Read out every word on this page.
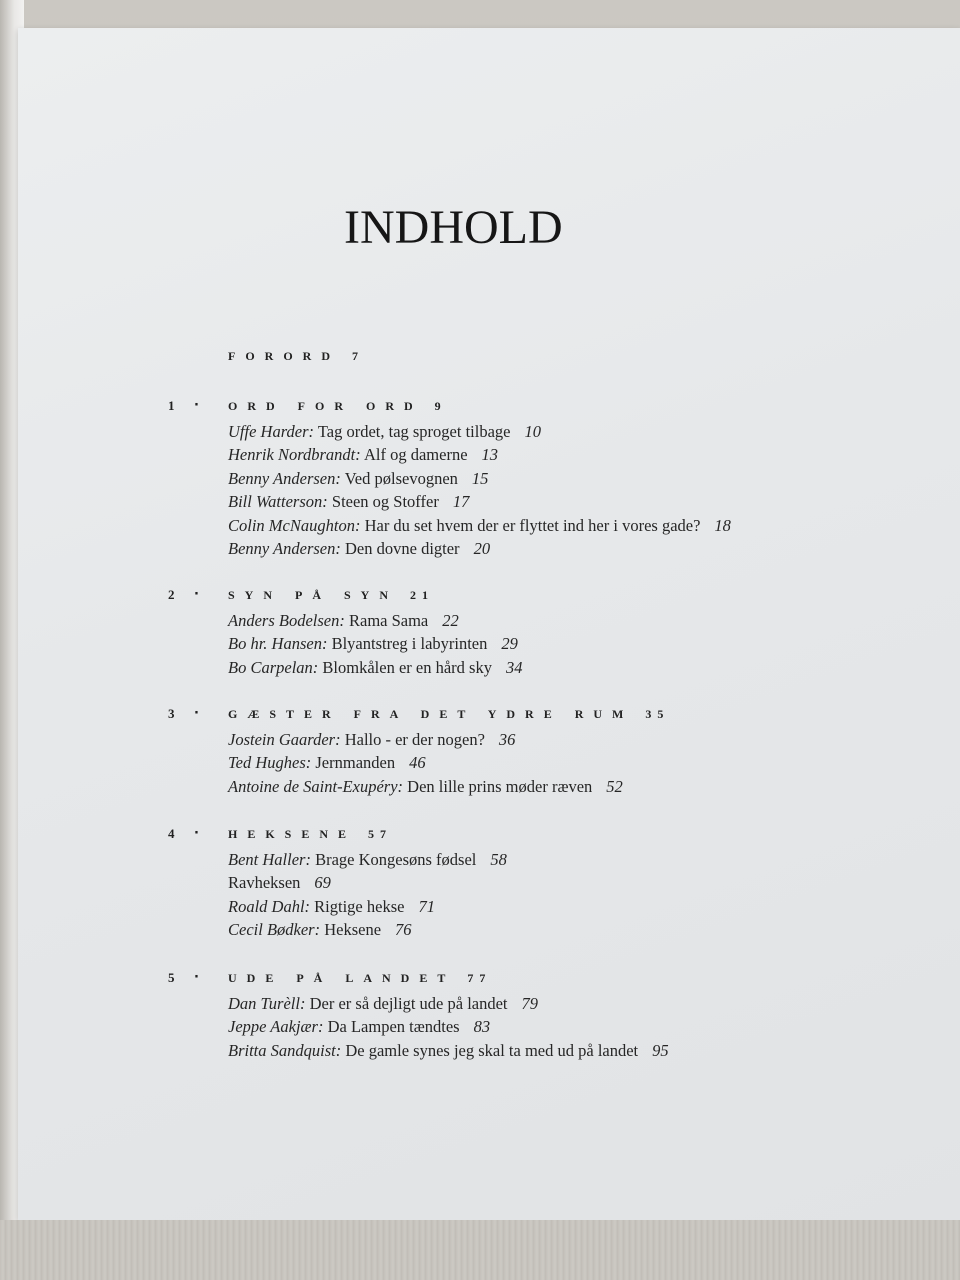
INDHOLD
FORORD 7
1 · ORD FOR ORD 9
Uffe Harder: Tag ordet, tag sproget tilbage 10
Henrik Nordbrandt: Alf og damerne 13
Benny Andersen: Ved pølsevognen 15
Bill Watterson: Steen og Stoffer 17
Colin McNaughton: Har du set hvem der er flyttet ind her i vores gade? 18
Benny Andersen: Den dovne digter 20
2 · SYN PÅ SYN 21
Anders Bodelsen: Rama Sama 22
Bo hr. Hansen: Blyantstreg i labyrinten 29
Bo Carpelan: Blomkålen er en hård sky 34
3 · GÆSTER FRA DET YDRE RUM 35
Jostein Gaarder: Hallo - er der nogen? 36
Ted Hughes: Jernmanden 46
Antoine de Saint-Exupéry: Den lille prins møder ræven 52
4 · HEKSENE 57
Bent Haller: Brage Kongesøns fødsel 58
Ravheksen 69
Roald Dahl: Rigtige hekse 71
Cecil Bødker: Heksene 76
5 · UDE PÅ LANDET 77
Dan Turèll: Der er så dejligt ude på landet 79
Jeppe Aakjær: Da Lampen tændtes 83
Britta Sandquist: De gamle synes jeg skal ta med ud på landet 95
